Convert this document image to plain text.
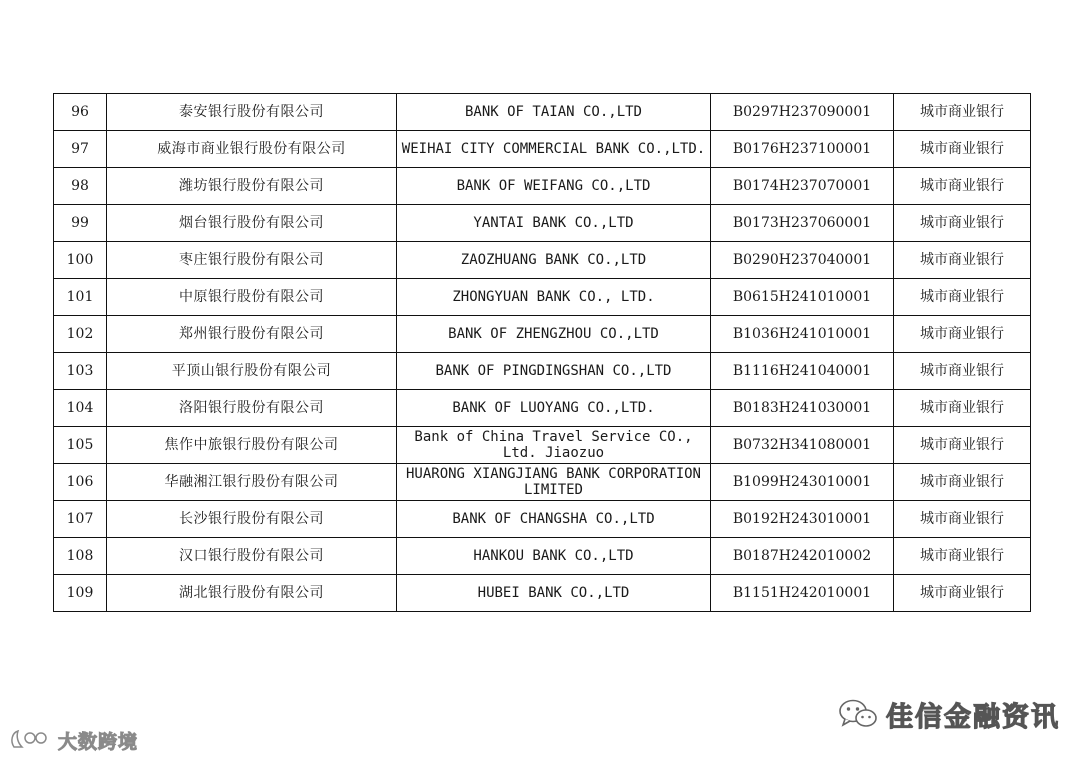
96	泰安银行股份有限公司	BANK OF TAIAN CO.,LTD	B0297H237090001	城市商业银行
97	威海市商业银行股份有限公司	WEIHAI CITY COMMERCIAL BANK CO.,LTD.	B0176H237100001	城市商业银行
98	潍坊银行股份有限公司	BANK OF WEIFANG CO.,LTD	B0174H237070001	城市商业银行
99	烟台银行股份有限公司	YANTAI BANK CO.,LTD	B0173H237060001	城市商业银行
100	枣庄银行股份有限公司	ZAOZHUANG BANK CO.,LTD	B0290H237040001	城市商业银行
101	中原银行股份有限公司	ZHONGYUAN BANK CO., LTD.	B0615H241010001	城市商业银行
102	郑州银行股份有限公司	BANK OF ZHENGZHOU CO.,LTD	B1036H241010001	城市商业银行
103	平顶山银行股份有限公司	BANK OF PINGDINGSHAN CO.,LTD	B1116H241040001	城市商业银行
104	洛阳银行股份有限公司	BANK OF LUOYANG CO.,LTD.	B0183H241030001	城市商业银行
105	焦作中旅银行股份有限公司	Bank of China Travel Service CO., Ltd. Jiaozuo	B0732H341080001	城市商业银行
106	华融湘江银行股份有限公司	HUARONG XIANGJIANG BANK CORPORATION LIMITED	B1099H243010001	城市商业银行
107	长沙银行股份有限公司	BANK OF CHANGSHA CO.,LTD	B0192H243010001	城市商业银行
108	汉口银行股份有限公司	HANKOU BANK CO.,LTD	B0187H242010002	城市商业银行
109	湖北银行股份有限公司	HUBEI BANK CO.,LTD	B1151H242010001	城市商业银行
大数跨境
佳信金融资讯
